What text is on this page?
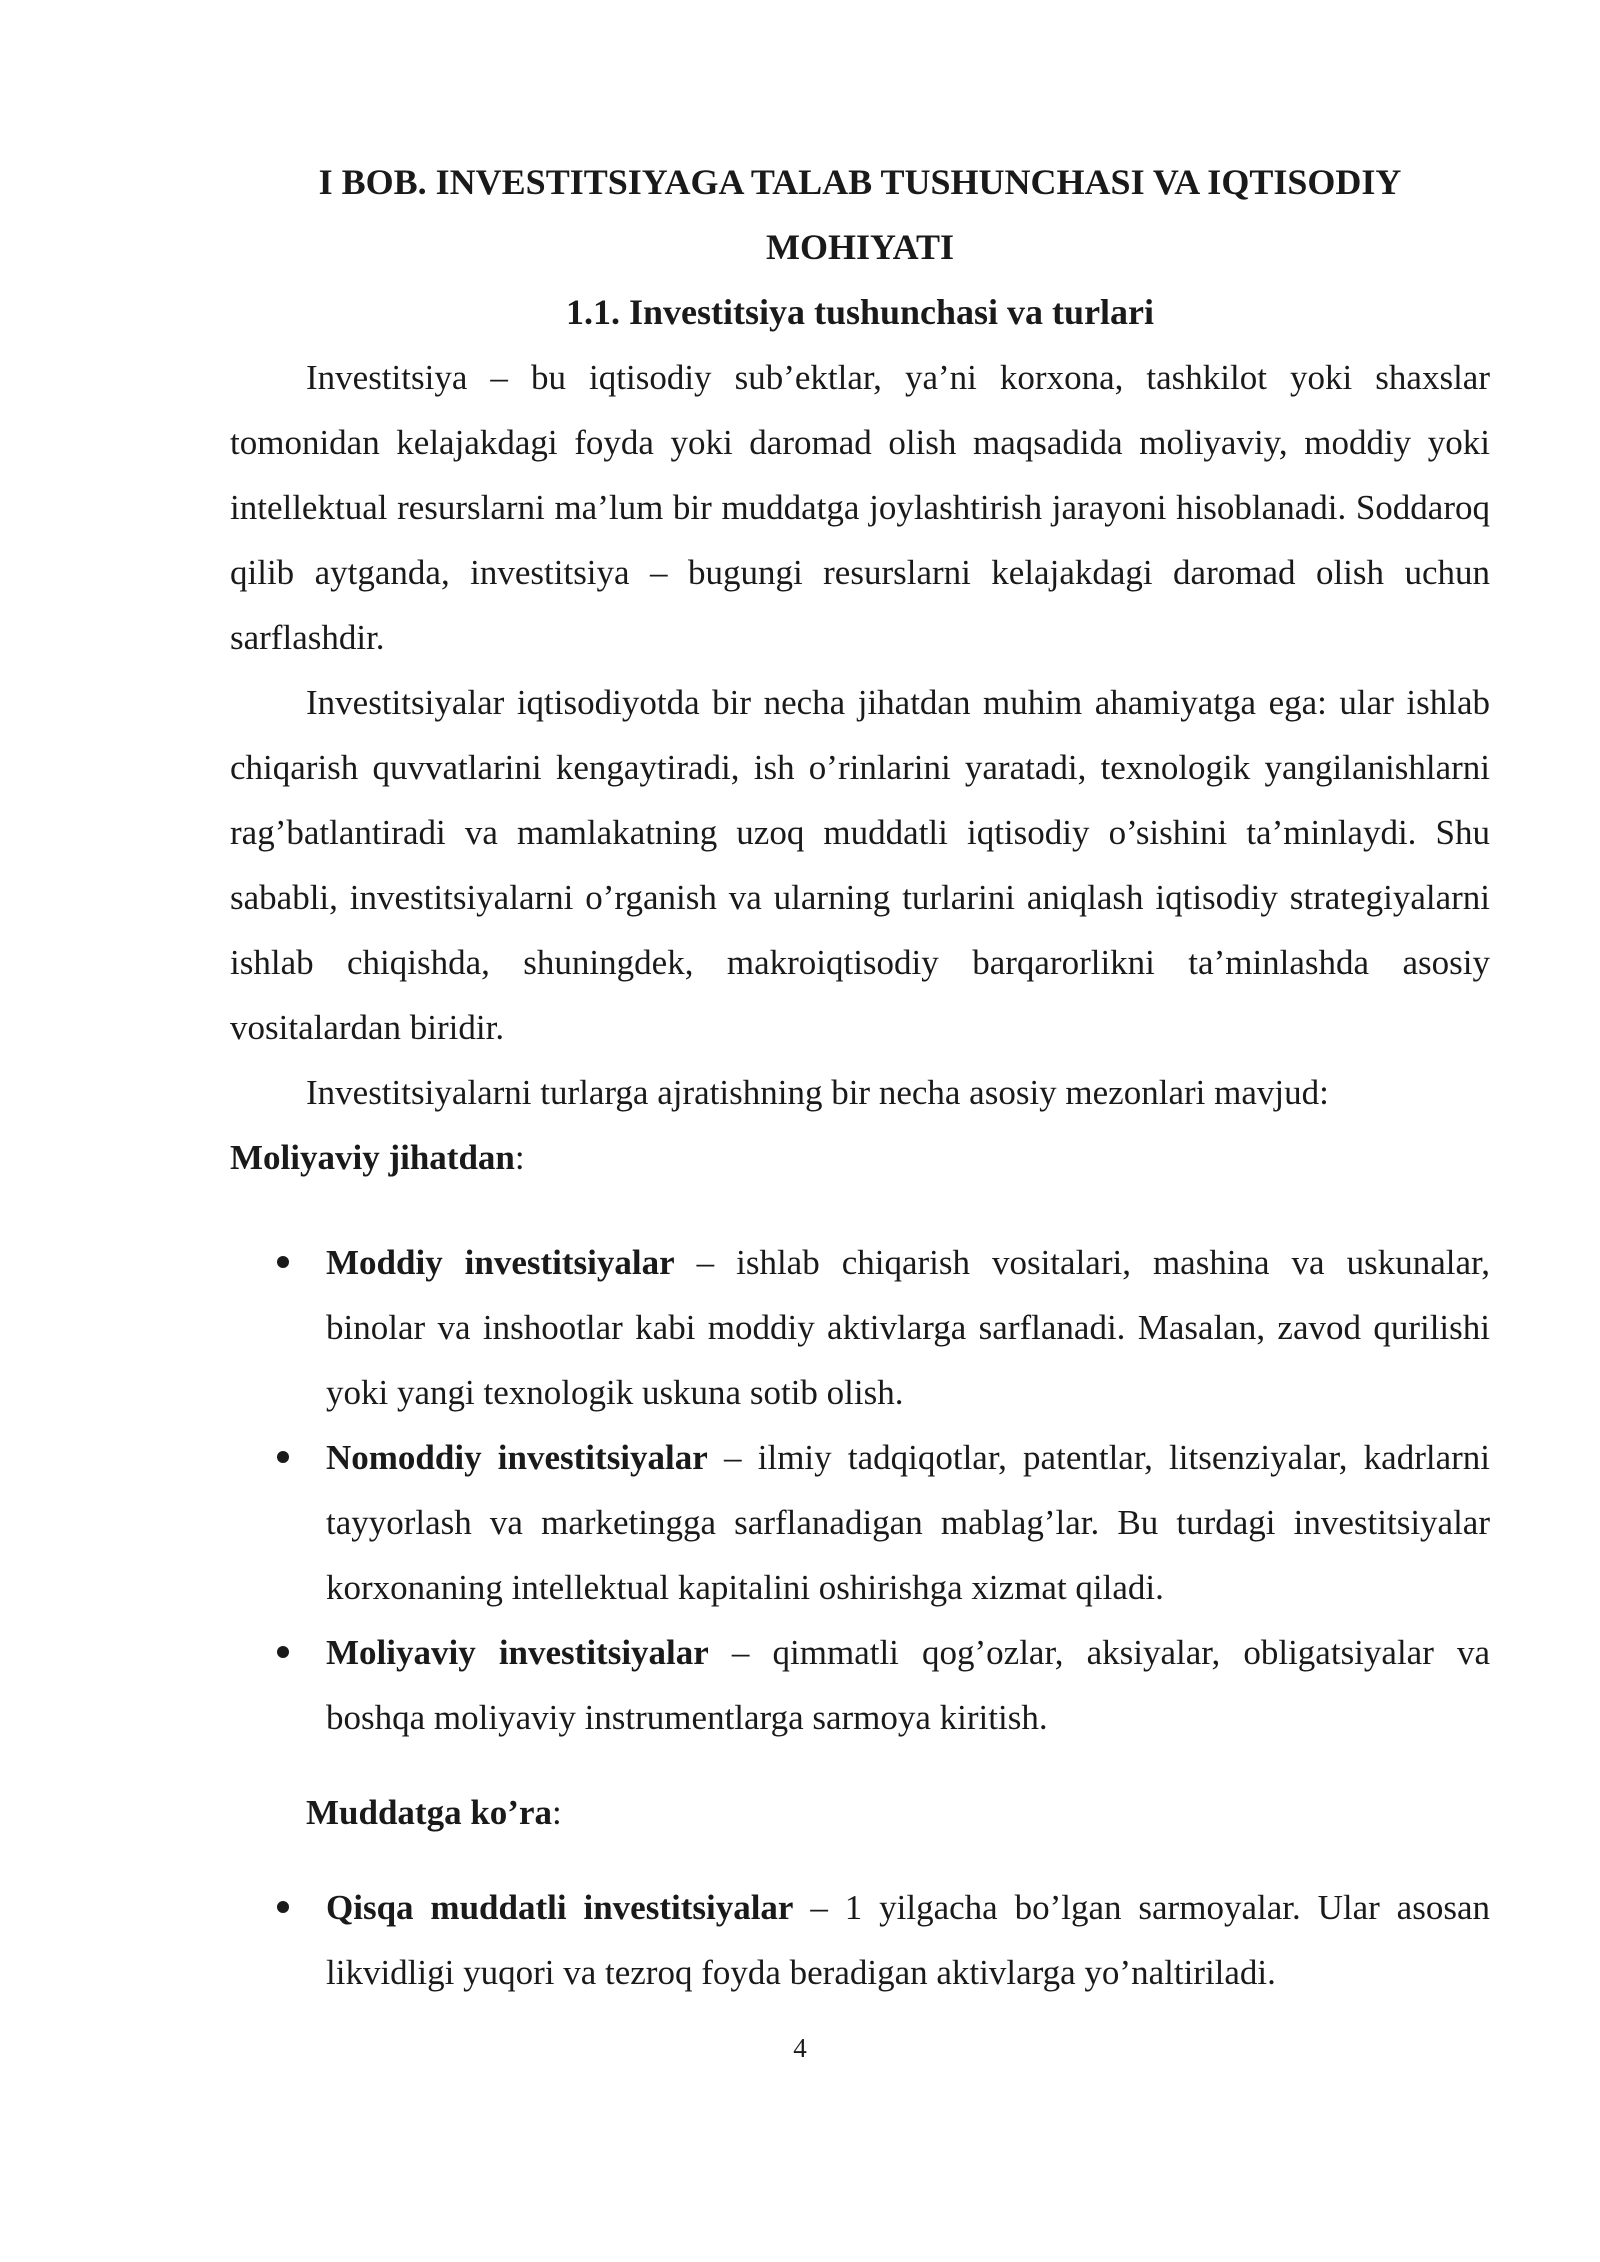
I BOB. INVESTITSIYAGA TALAB TUSHUNCHASI VA IQTISODIY

MOHIYATI

1.1. Investitsiya tushunchasi va turlari

Investitsiya – bu iqtisodiy sub’ektlar, ya’ni korxona, tashkilot yoki shaxslar tomonidan kelajakdagi foyda yoki daromad olish maqsadida moliyaviy, moddiy yoki intellektual resurslarni ma’lum bir muddatga joylashtirish jarayoni hisoblanadi. Soddaroq qilib aytganda, investitsiya – bugungi resurslarni kelajakdagi daromad olish uchun sarflashdir.

Investitsiyalar iqtisodiyotda bir necha jihatdan muhim ahamiyatga ega: ular ishlab chiqarish quvvatlarini kengaytiradi, ish o’rinlarini yaratadi, texnologik yangilanishlarni rag’batlantiradi va mamlakatning uzoq muddatli iqtisodiy o’sishini ta’minlaydi. Shu sababli, investitsiyalarni o’rganish va ularning turlarini aniqlash iqtisodiy strategiyalarni ishlab chiqishda, shuningdek, makroiqtisodiy barqarorlikni ta’minlashda asosiy vositalardan biridir.

Investitsiyalarni turlarga ajratishning bir necha asosiy mezonlari mavjud:

Moliyaviy jihatdan:

Moddiy investitsiyalar – ishlab chiqarish vositalari, mashina va uskunalar, binolar va inshootlar kabi moddiy aktivlarga sarflanadi. Masalan, zavod qurilishi yoki yangi texnologik uskuna sotib olish.
Nomoddiy investitsiyalar – ilmiy tadqiqotlar, patentlar, litsenziyalar, kadrlarni tayyorlash va marketingga sarflanadigan mablag’lar. Bu turdagi investitsiyalar korxonaning intellektual kapitalini oshirishga xizmat qiladi.
Moliyaviy investitsiyalar – qimmatli qog’ozlar, aksiyalar, obligatsiyalar va boshqa moliyaviy instrumentlarga sarmoya kiritish.

Muddatga ko’ra:

Qisqa muddatli investitsiyalar – 1 yilgacha bo’lgan sarmoyalar. Ular asosan likvidligi yuqori va tezroq foyda beradigan aktivlarga yo’naltiriladi.
4
